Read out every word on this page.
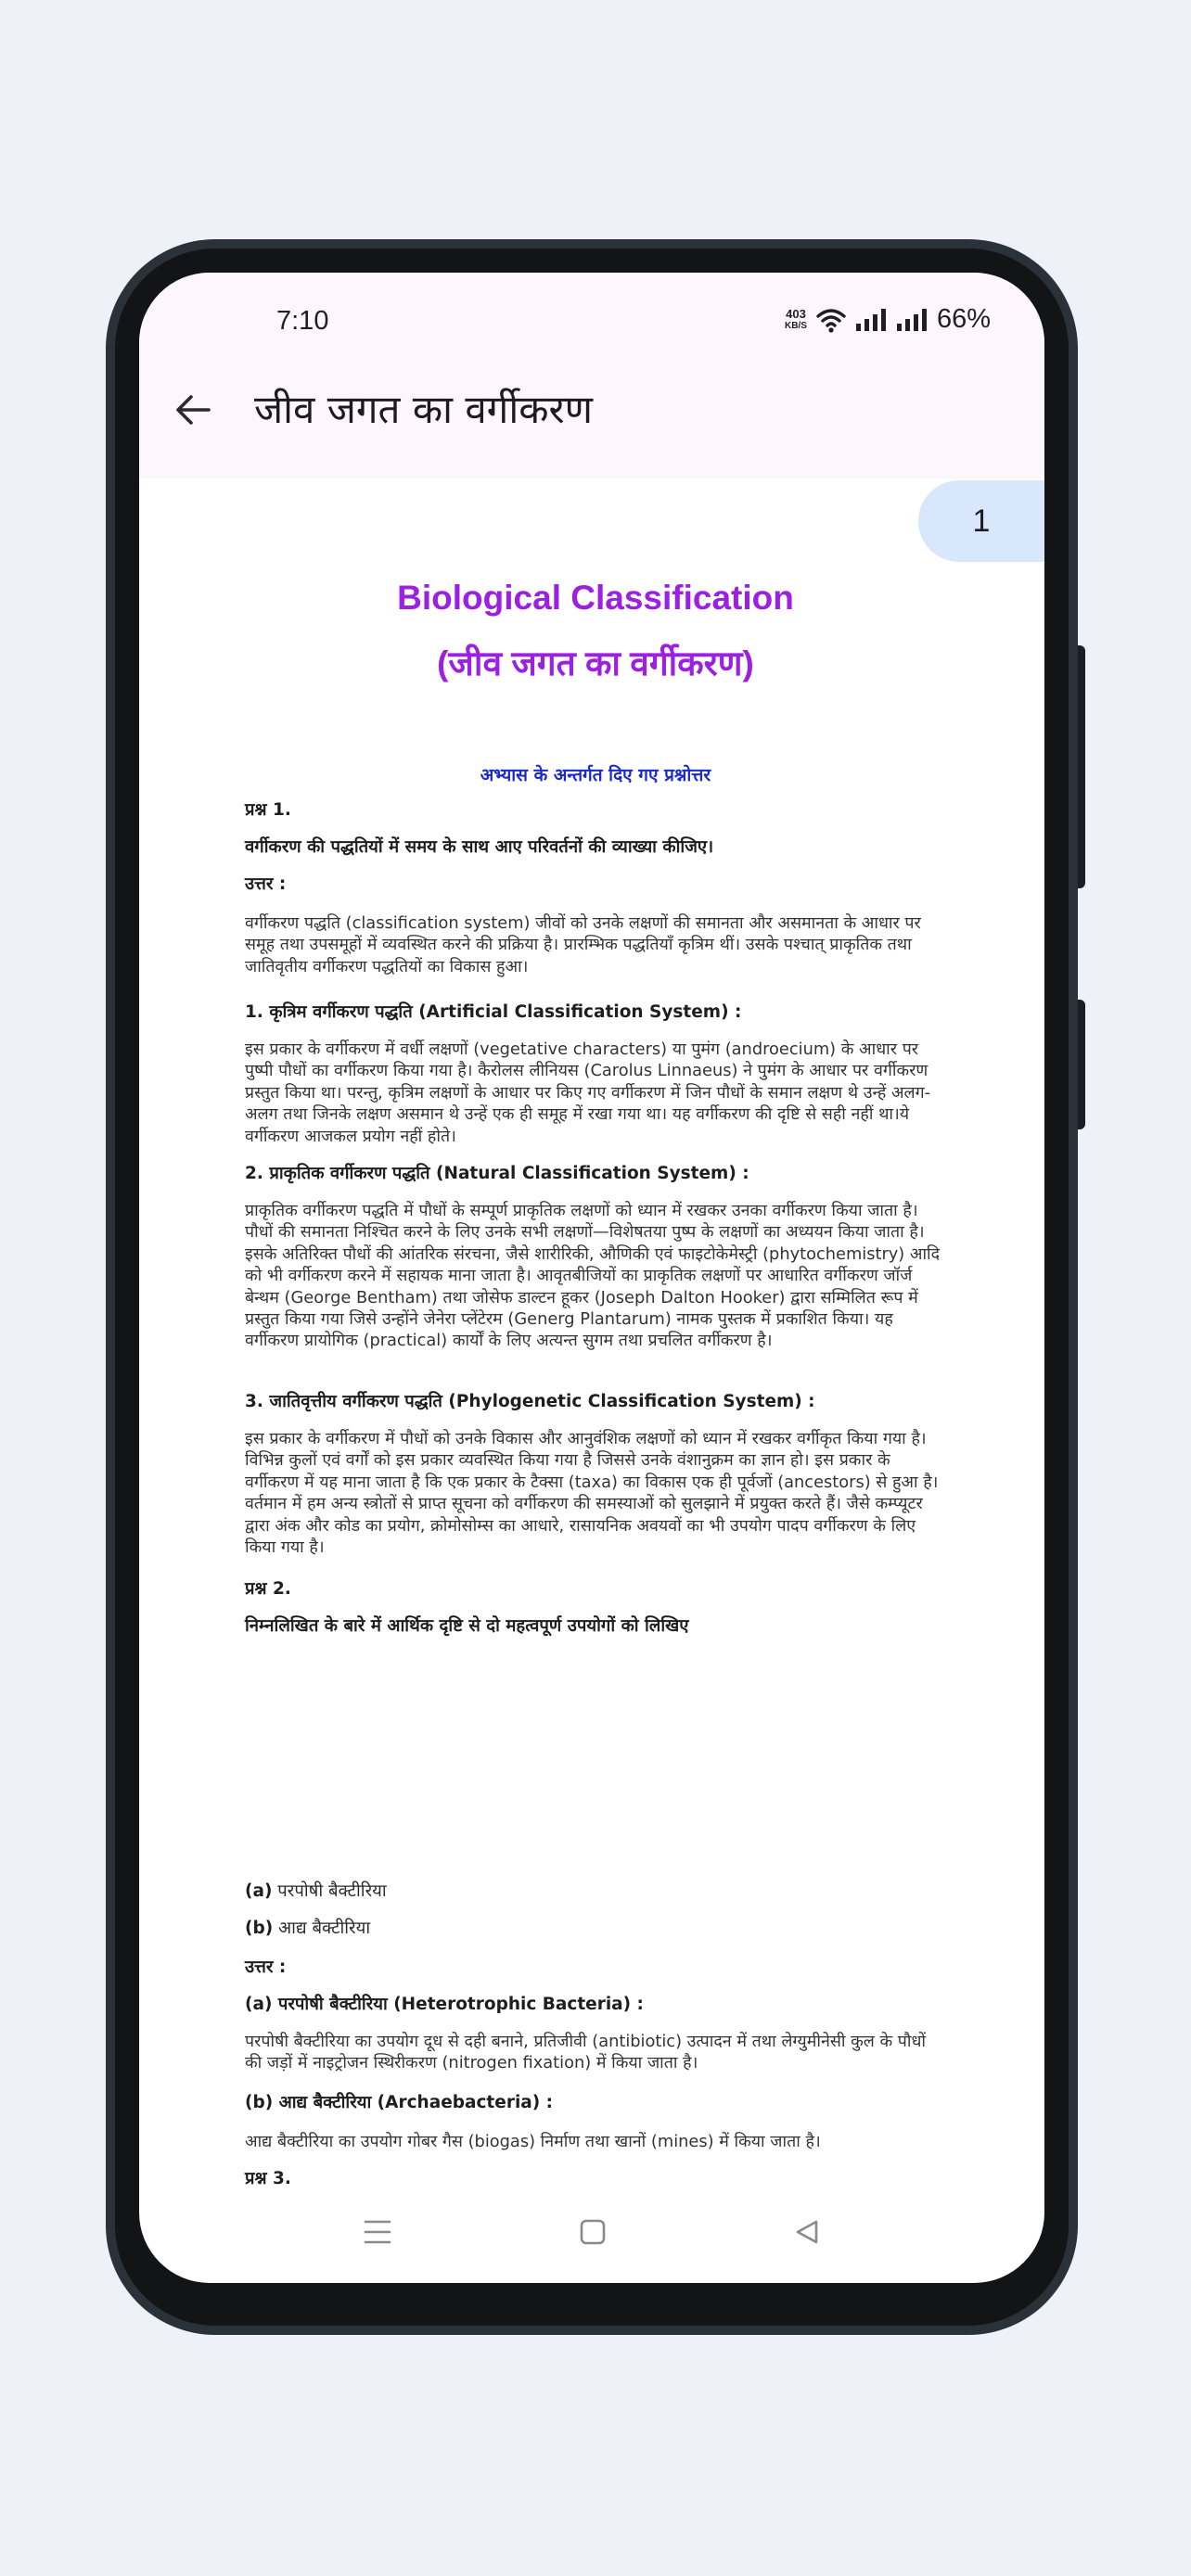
7:10	403
KB/S	66%
जीव जगत का वर्गीकरण
1
Biological Classification
(जीव जगत का वर्गीकरण)
अभ्यास के अन्तर्गत दिए गए प्रश्नोत्तर
प्रश्न 1.
वर्गीकरण की पद्धतियों में समय के साथ आए परिवर्तनों की व्याख्या कीजिए।
उत्तर :
वर्गीकरण पद्धति (classification system) जीवों को उनके लक्षणों की समानता और असमानता के आधार पर समूह तथा उपसमूहों में व्यवस्थित करने की प्रक्रिया है। प्रारम्भिक पद्धतियाँ कृत्रिम थीं। उसके पश्चात् प्राकृतिक तथा जातिवृतीय वर्गीकरण पद्धतियों का विकास हुआ।
1. कृत्रिम वर्गीकरण पद्धति (Artificial Classification System) :
इस प्रकार के वर्गीकरण में वर्धी लक्षणों (vegetative characters) या पुमंग (androecium) के आधार पर पुष्पी पौधों का वर्गीकरण किया गया है। कैरोलस लीनियस (Carolus Linnaeus) ने पुमंग के आधार पर वर्गीकरण प्रस्तुत किया था। परन्तु, कृत्रिम लक्षणों के आधार पर किए गए वर्गीकरण में जिन पौधों के समान लक्षण थे उन्हें अलग-अलग तथा जिनके लक्षण असमान थे उन्हें एक ही समूह में रखा गया था। यह वर्गीकरण की दृष्टि से सही नहीं था।ये वर्गीकरण आजकल प्रयोग नहीं होते।
2. प्राकृतिक वर्गीकरण पद्धति (Natural Classification System) :
प्राकृतिक वर्गीकरण पद्धति में पौधों के सम्पूर्ण प्राकृतिक लक्षणों को ध्यान में रखकर उनका वर्गीकरण किया जाता है। पौधों की समानता निश्चित करने के लिए उनके सभी लक्षणों—विशेषतया पुष्प के लक्षणों का अध्ययन किया जाता है। इसके अतिरिक्त पौधों की आंतरिक संरचना, जैसे शारीरिकी, औणिकी एवं फाइटोकेमेस्ट्री (phytochemistry) आदि को भी वर्गीकरण करने में सहायक माना जाता है। आवृतबीजियों का प्राकृतिक लक्षणों पर आधारित वर्गीकरण जॉर्ज बेन्थम (George Bentham) तथा जोसेफ डाल्टन हूकर (Joseph Dalton Hooker) द्वारा सम्मिलित रूप में प्रस्तुत किया गया जिसे उन्होंने जेनेरा प्लेंटेरम (Generg Plantarum) नामक पुस्तक में प्रकाशित किया। यह वर्गीकरण प्रायोगिक (practical) कार्यों के लिए अत्यन्त सुगम तथा प्रचलित वर्गीकरण है।
3. जातिवृत्तीय वर्गीकरण पद्धति (Phylogenetic Classification System) :
इस प्रकार के वर्गीकरण में पौधों को उनके विकास और आनुवंशिक लक्षणों को ध्यान में रखकर वर्गीकृत किया गया है। विभिन्न कुलों एवं वर्गों को इस प्रकार व्यवस्थित किया गया है जिससे उनके वंशानुक्रम का ज्ञान हो। इस प्रकार के वर्गीकरण में यह माना जाता है कि एक प्रकार के टैक्सा (taxa) का विकास एक ही पूर्वजों (ancestors) से हुआ है। वर्तमान में हम अन्य स्त्रोतों से प्राप्त सूचना को वर्गीकरण की समस्याओं को सुलझाने में प्रयुक्त करते हैं। जैसे कम्प्यूटर द्वारा अंक और कोड का प्रयोग, क्रोमोसोम्स का आधारे, रासायनिक अवयवों का भी उपयोग पादप वर्गीकरण के लिए किया गया है।
प्रश्न 2.
निम्नलिखित के बारे में आर्थिक दृष्टि से दो महत्वपूर्ण उपयोगों को लिखिए
(a) परपोषी बैक्टीरिया
(b) आद्य बैक्टीरिया
उत्तर :
(a) परपोषी बैक्टीरिया (Heterotrophic Bacteria) :
परपोषी बैक्टीरिया का उपयोग दूध से दही बनाने, प्रतिजीवी (antibiotic) उत्पादन में तथा लेग्युमीनेसी कुल के पौधों की जड़ों में नाइट्रोजन स्थिरीकरण (nitrogen fixation) में किया जाता है।
(b) आद्य बैक्टीरिया (Archaebacteria) :
आद्य बैक्टीरिया का उपयोग गोबर गैस (biogas) निर्माण तथा खानों (mines) में किया जाता है।
प्रश्न 3.
